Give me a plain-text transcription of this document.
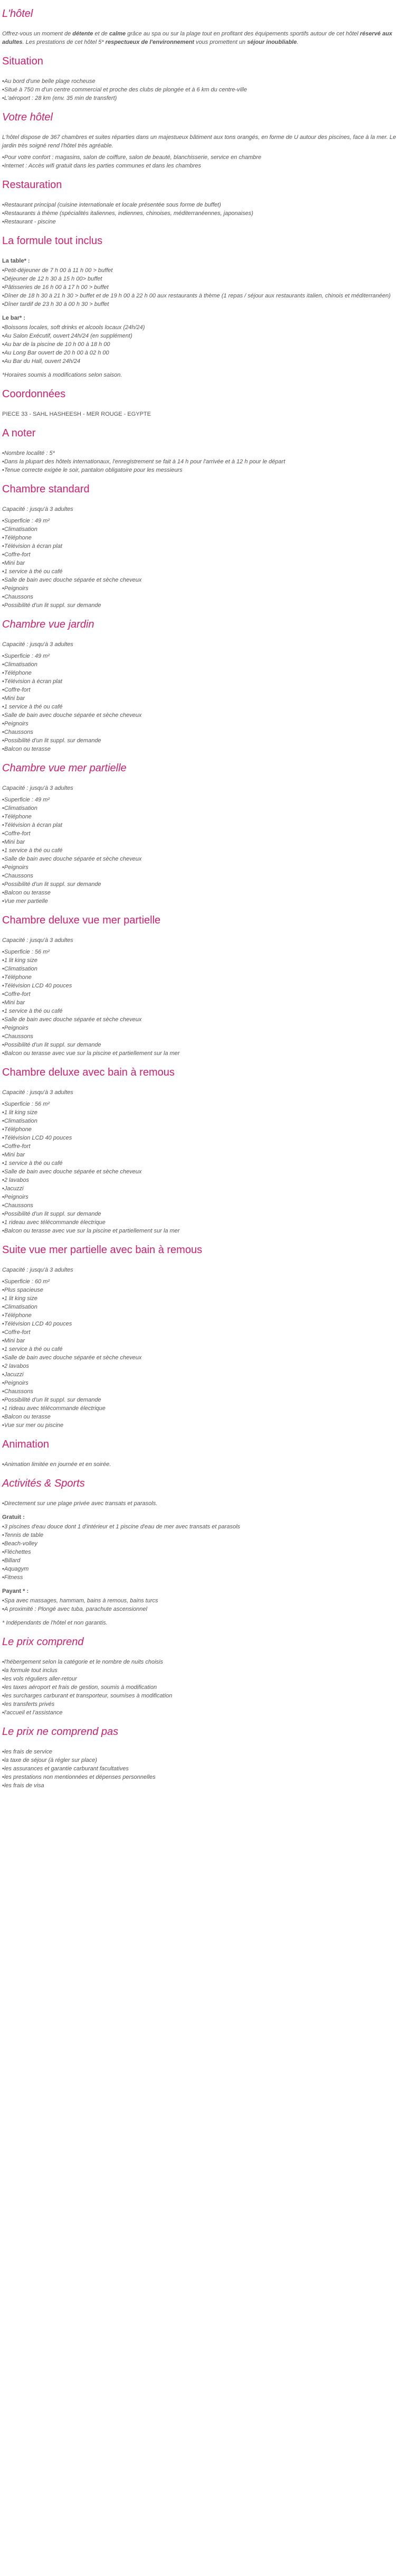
L'hôtel

Offrez-vous un moment de détente et de calme grâce au spa ou sur la plage tout en profitant des équipements sportifs autour de cet hôtel réservé aux adultes. Les prestations de cet hôtel 5* respectueux de l'environnement vous promettent un séjour inoubliable.

Situation
• Au bord d'une belle plage rocheuse
• Situé à 750 m d'un centre commercial et proche des clubs de plongée et à 6 km du centre-ville
• L'aéroport : 28 km (env. 35 min de transfert)
Votre hôtel

L'hôtel dispose de 367 chambres et suites réparties dans un majestueux bâtiment aux tons orangés, en forme de U autour des piscines, face à la mer. Le jardin très soigné rend l'hôtel très agréable.

• Pour votre confort : magasins, salon de coiffure, salon de beauté, blanchisserie, service en chambre
• Internet : Accès wifi gratuit dans les parties communes et dans les chambres
Restauration
• Restaurant principal (cuisine internationale et locale présentée sous forme de buffet)
• Restaurants à thème (spécialités italiennes, indiennes, chinoises, méditerranéennes, japonaises)
• Restaurant - piscine
La formule tout inclus
La table* :
• Petit-déjeuner de 7 h 00 à 11 h 00 > buffet
• Déjeuner de 12 h 30 à 15 h 00> buffet
• Pâtisseries de 16 h 00 à 17 h 00 > buffet
• Dîner de 18 h 30 à 21 h 30 > buffet et de 19 h 00 à 22 h 00 aux restaurants à thème (1 repas / séjour aux restaurants italien, chinois et méditerranéen)
• Dîner tardif de 23 h 30 à 00 h 30 > buffet
Le bar* :
• Boissons locales, soft drinks et alcools locaux (24h/24)
• Au Salon Exécutif, ouvert 24h/24 (en supplément)
• Au bar de la piscine de 10 h 00 à 18 h 00
• Au Long Bar ouvert de 20 h 00 à 02 h 00
• Au Bar du Hall, ouvert 24h/24
*Horaires soumis à modifications selon saison.
Coordonnées

PIECE 33 - SAHL HASHEESH - MER ROUGE - EGYPTE

A noter
• Nombre localité : 5*
• Dans la plupart des hôtels internationaux, l'enregistrement se fait à 14 h pour l'arrivée et à 12 h pour le départ
• Tenue correcte exigée le soir, pantalon obligatoire pour les messieurs
Chambre standard

Capacité : jusqu'à 3 adultes

• Superficie : 49 m²
• Climatisation
• Téléphone
• Télévision à écran plat
• Coffre-fort
• Mini bar
• 1 service à thé ou café
• Salle de bain avec douche séparée et sèche cheveux
• Peignoirs
• Chaussons
• Possibilité d'un lit suppl. sur demande
Chambre vue jardin

Capacité : jusqu'à 3 adultes

• Superficie : 49 m²
• Climatisation
• Téléphone
• Télévision à écran plat
• Coffre-fort
• Mini bar
• 1 service à thé ou café
• Salle de bain avec douche séparée et sèche cheveux
• Peignoirs
• Chaussons
• Possibilité d'un lit suppl. sur demande
• Balcon ou terasse
Chambre vue mer partielle

Capacité : jusqu'à 3 adultes

• Superficie : 49 m²
• Climatisation
• Téléphone
• Télévision à écran plat
• Coffre-fort
• Mini bar
• 1 service à thé ou café
• Salle de bain avec douche séparée et sèche cheveux
• Peignoirs
• Chaussons
• Possibilité d'un lit suppl. sur demande
• Balcon ou terasse
• Vue mer partielle
Chambre deluxe vue mer partielle

Capacité : jusqu'à 3 adultes

• Superficie : 56 m²
• 1 lit king size
• Climatisation
• Téléphone
• Télévision LCD 40 pouces
• Coffre-fort
• Mini bar
• 1 service à thé ou café
• Salle de bain avec douche séparée et sèche cheveux
• Peignoirs
• Chaussons
• Possibilité d'un lit suppl. sur demande
• Balcon ou terasse avec vue sur la piscine et partiellement sur la mer
Chambre deluxe avec bain à remous

Capacité : jusqu'à 3 adultes

• Superficie : 56 m²
• 1 lit king size
• Climatisation
• Téléphone
• Télévision LCD 40 pouces
• Coffre-fort
• Mini bar
• 1 service à thé ou café
• Salle de bain avec douche séparée et sèche cheveux
• 2 lavabos
• Jacuzzi
• Peignoirs
• Chaussons
• Possibilité d'un lit suppl. sur demande
• 1 rideau avec télécommande électrique
• Balcon ou terasse avec vue sur la piscine et partiellement sur la mer
Suite vue mer partielle avec bain à remous

Capacité : jusqu'à 3 adultes

• Superficie : 60 m²
• Plus spacieuse
• 1 lit king size
• Climatisation
• Téléphone
• Télévision LCD 40 pouces
• Coffre-fort
• Mini bar
• 1 service à thé ou café
• Salle de bain avec douche séparée et sèche cheveux
• 2 lavabos
• Jacuzzi
• Peignoirs
• Chaussons
• Possibilité d'un lit suppl. sur demande
• 1 rideau avec télécommande électrique
• Balcon ou terasse
• Vue sur mer ou piscine
Animation
• Animation limitée en journée et en soirée.
Activités & Sports
• Directement sur une plage privée avec transats et parasols.
Gratuit :
• 3 piscines d'eau douce dont 1 d'intérieur et 1 piscine d'eau de mer avec transats et parasols
• Tennis de table
• Beach-volley
• Fléchettes
• Billard
• Aquagym
• Fitness
Payant * :
• Spa avec massages, hammam, bains à remous, bains turcs
• A proximité : Plongé avec tuba, parachute ascensionnel
* Indépendants de l'hôtel et non garantis.
Le prix comprend
• l'hébergement selon la catégorie et le nombre de nuits choisis
• la formule tout inclus
• les vols réguliers aller-retour
• les taxes aéroport et frais de gestion, soumis à modification
• les surcharges carburant et transporteur, soumises à modification
• les transferts privés
• l'accueil et l'assistance
Le prix ne comprend pas
• les frais de service
• la taxe de séjour (à régler sur place)
• les assurances et garantie carburant facultatives
• les prestations non mentionnées et dépenses personnelles
• les frais de visa
